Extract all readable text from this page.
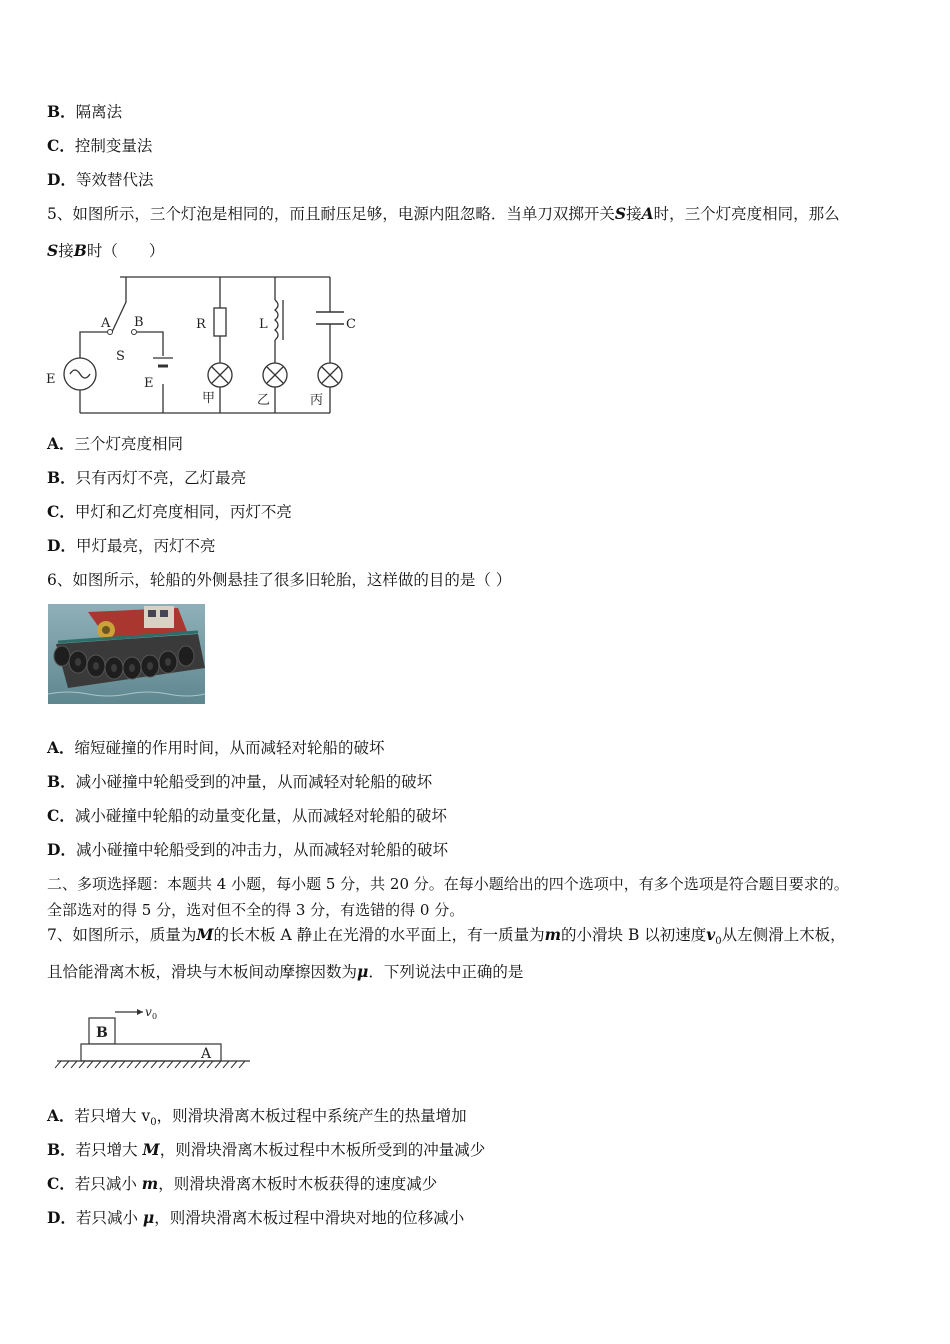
B．隔离法
C．控制变量法
D．等效替代法
5、如图所示，三个灯泡是相同的，而且耐压足够，电源内阻忽略．当单刀双掷开关S接A时，三个灯亮度相同，那么
S接B时（　　）
A B
S
E	E
R	L	C
甲	乙	丙
A．三个灯亮度相同
B．只有丙灯不亮，乙灯最亮
C．甲灯和乙灯亮度相同，丙灯不亮
D．甲灯最亮，丙灯不亮
6、如图所示，轮船的外侧悬挂了很多旧轮胎，这样做的目的是（ ）
A．缩短碰撞的作用时间，从而减轻对轮船的破坏
B．减小碰撞中轮船受到的冲量，从而减轻对轮船的破坏
C．减小碰撞中轮船的动量变化量，从而减轻对轮船的破坏
D．减小碰撞中轮船受到的冲击力，从而减轻对轮船的破坏
二、多项选择题：本题共 4 小题，每小题 5 分，共 20 分。在每小题给出的四个选项中，有多个选项是符合题目要求的。
全部选对的得 5 分，选对但不全的得 3 分，有选错的得 0 分。
7、如图所示，质量为M的长木板 A 静止在光滑的水平面上，有一质量为m的小滑块 B 以初速度$v_0$从左侧滑上木板，
且恰能滑离木板，滑块与木板间动摩擦因数为μ．下列说法中正确的是
B
A
v 0
A．若只增大 $v_0$，则滑块滑离木板过程中系统产生的热量增加
B．若只增大 M，则滑块滑离木板过程中木板所受到的冲量减少
C．若只减小 m，则滑块滑离木板时木板获得的速度减少
D．若只减小 μ，则滑块滑离木板过程中滑块对地的位移减小
